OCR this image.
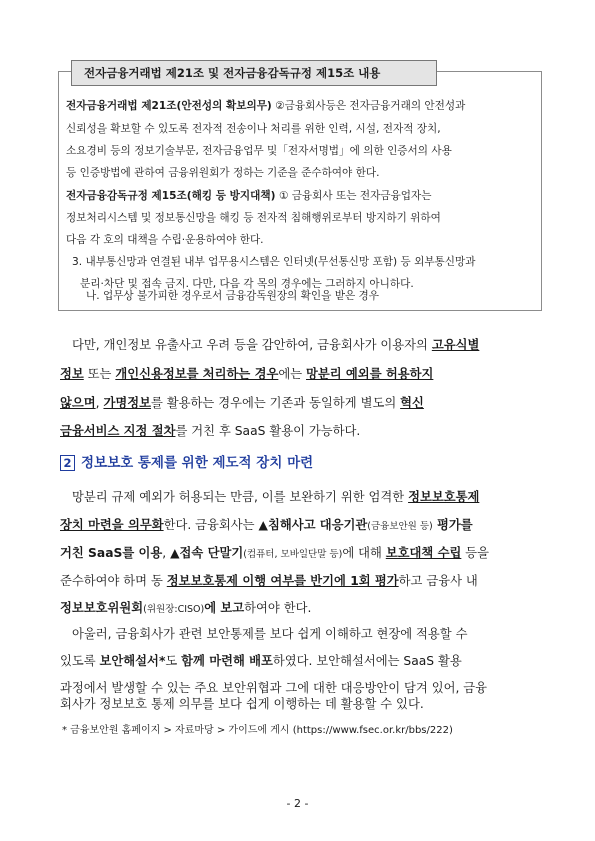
전자금융거래법 제21조 및 전자금융감독규정 제15조 내용

전자금융거래법 제21조(안전성의 확보의무) ②금융회사등은 전자금융거래의 안전성과

신뢰성을 확보할 수 있도록 전자적 전송이나 처리를 위한 인력, 시설, 전자적 장치,

소요경비 등의 정보기술부문, 전자금융업무 및「전자서명법」에 의한 인증서의 사용

등 인증방법에 관하여 금융위원회가 정하는 기준을 준수하여야 한다.

전자금융감독규정 제15조(해킹 등 방지대책) ① 금융회사 또는 전자금융업자는

정보처리시스템 및 정보통신망을 해킹 등 전자적 침해행위로부터 방지하기 위하여

다음 각 호의 대책을 수립·운용하여야 한다.

3. 내부통신망과 연결된 내부 업무용시스템은 인터넷(무선통신망 포함) 등 외부통신망과

분리·차단 및 접속 금지. 다만, 다음 각 목의 경우에는 그러하지 아니하다.

나. 업무상 불가피한 경우로서 금융감독원장의 확인을 받은 경우

다만, 개인정보 유출사고 우려 등을 감안하여, 금융회사가 이용자의 고유식별

정보 또는 개인신용정보를 처리하는 경우에는 망분리 예외를 허용하지

않으며, 가명정보를 활용하는 경우에는 기존과 동일하게 별도의 혁신

금융서비스 지정 절차를 거친 후 SaaS 활용이 가능하다.

2 정보보호 통제를 위한 제도적 장치 마련

망분리 규제 예외가 허용되는 만큼, 이를 보완하기 위한 엄격한 정보보호통제

장치 마련을 의무화한다. 금융회사는 ▲침해사고 대응기관(금융보안원 등) 평가를

거친 SaaS를 이용, ▲접속 단말기(컴퓨터, 모바일단말 등)에 대해 보호대책 수립 등을

준수하여야 하며 동 정보보호통제 이행 여부를 반기에 1회 평가하고 금융사 내

정보보호위원회(위원장:CISO)에 보고하여야 한다.

아울러, 금융회사가 관련 보안통제를 보다 쉽게 이해하고 현장에 적용할 수

있도록 보안해설서*도 함께 마련해 배포하였다. 보안해설서에는 SaaS 활용

과정에서 발생할 수 있는 주요 보안위협과 그에 대한 대응방안이 담겨 있어, 금융

회사가 정보보호 통제 의무를 보다 쉽게 이행하는 데 활용할 수 있다.

* 금융보안원 홈페이지 > 자료마당 > 가이드에 게시 (https://www.fsec.or.kr/bbs/222)
- 2 -
